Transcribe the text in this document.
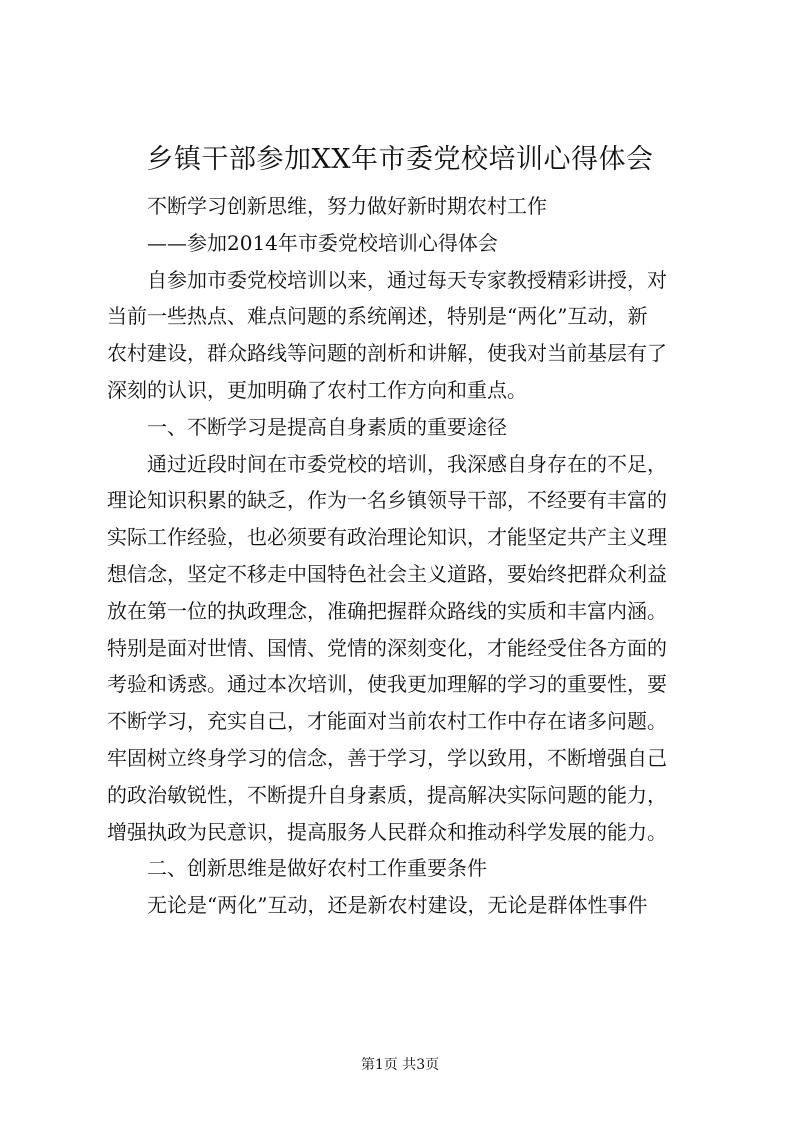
乡镇干部参加XX年市委党校培训心得体会

不断学习创新思维，努力做好新时期农村工作

——参加2014年市委党校培训心得体会

自参加市委党校培训以来，通过每天专家教授精彩讲授，对

当前一些热点、难点问题的系统阐述，特别是“两化”互动，新

农村建设，群众路线等问题的剖析和讲解，使我对当前基层有了

深刻的认识，更加明确了农村工作方向和重点。

一、不断学习是提高自身素质的重要途径

通过近段时间在市委党校的培训，我深感自身存在的不足，

理论知识积累的缺乏，作为一名乡镇领导干部，不经要有丰富的

实际工作经验，也必须要有政治理论知识，才能坚定共产主义理

想信念，坚定不移走中国特色社会主义道路，要始终把群众利益

放在第一位的执政理念，准确把握群众路线的实质和丰富内涵。

特别是面对世情、国情、党情的深刻变化，才能经受住各方面的

考验和诱惑。通过本次培训，使我更加理解的学习的重要性，要

不断学习，充实自己，才能面对当前农村工作中存在诸多问题。

牢固树立终身学习的信念，善于学习，学以致用，不断增强自己

的政治敏锐性，不断提升自身素质，提高解决实际问题的能力，

增强执政为民意识，提高服务人民群众和推动科学发展的能力。

二、创新思维是做好农村工作重要条件

无论是“两化”互动，还是新农村建设，无论是群体性事件

第1页 共3页
